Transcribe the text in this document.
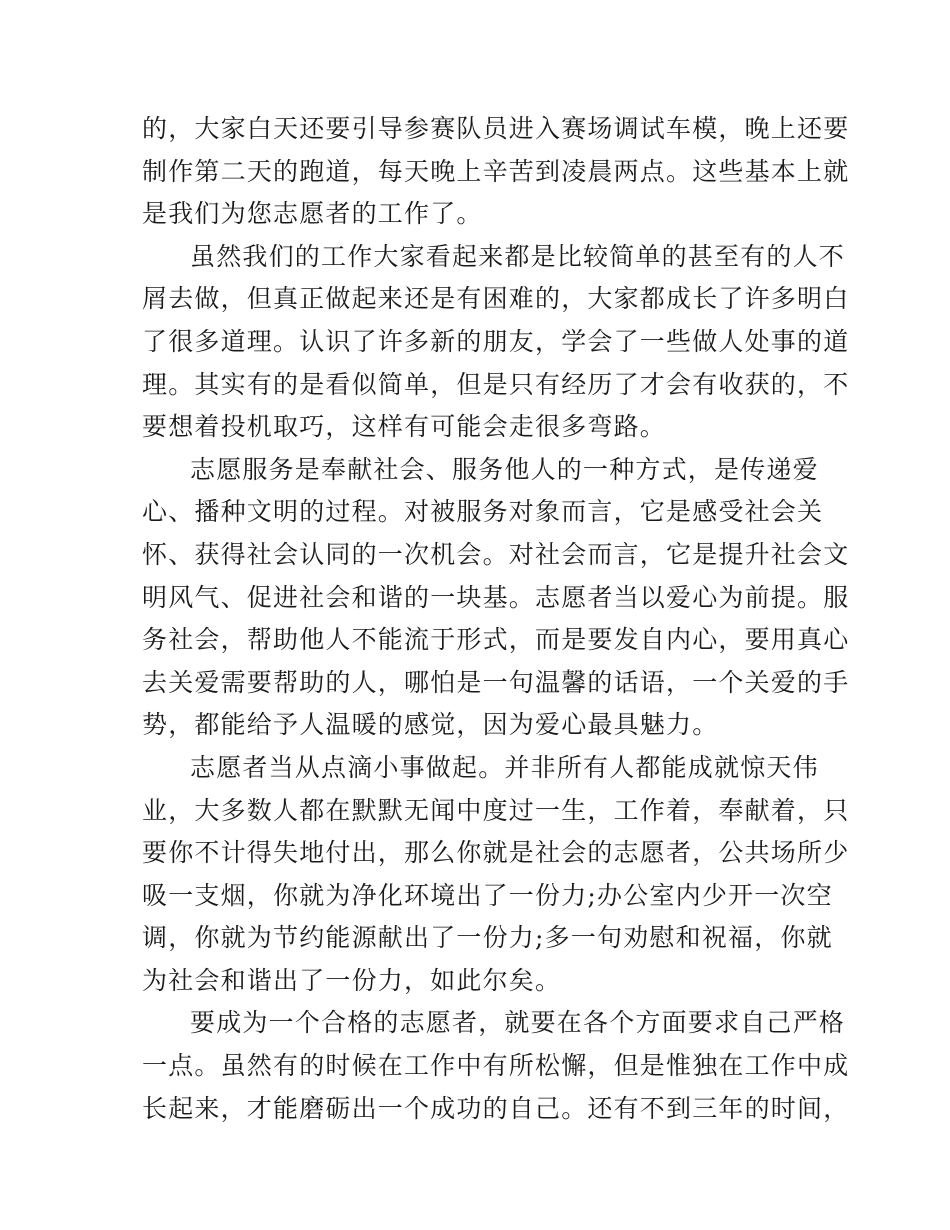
的，大家白天还要引导参赛队员进入赛场调试车模，晚上还要
制作第二天的跑道，每天晚上辛苦到凌晨两点。这些基本上就
是我们为您志愿者的工作了。
虽然我们的工作大家看起来都是比较简单的甚至有的人不
屑去做，但真正做起来还是有困难的，大家都成长了许多明白
了很多道理。认识了许多新的朋友，学会了一些做人处事的道
理。其实有的是看似简单，但是只有经历了才会有收获的，不
要想着投机取巧，这样有可能会走很多弯路。
志愿服务是奉献社会、服务他人的一种方式，是传递爱
心、播种文明的过程。对被服务对象而言，它是感受社会关
怀、获得社会认同的一次机会。对社会而言，它是提升社会文
明风气、促进社会和谐的一块基。志愿者当以爱心为前提。服
务社会，帮助他人不能流于形式，而是要发自内心，要用真心
去关爱需要帮助的人，哪怕是一句温馨的话语，一个关爱的手
势，都能给予人温暖的感觉，因为爱心最具魅力。
志愿者当从点滴小事做起。并非所有人都能成就惊天伟
业，大多数人都在默默无闻中度过一生，工作着，奉献着，只
要你不计得失地付出，那么你就是社会的志愿者，公共场所少
吸一支烟，你就为净化环境出了一份力;办公室内少开一次空
调，你就为节约能源献出了一份力;多一句劝慰和祝福，你就
为社会和谐出了一份力，如此尔矣。
要成为一个合格的志愿者，就要在各个方面要求自己严格
一点。虽然有的时候在工作中有所松懈，但是惟独在工作中成
长起来，才能磨砺出一个成功的自己。还有不到三年的时间，
